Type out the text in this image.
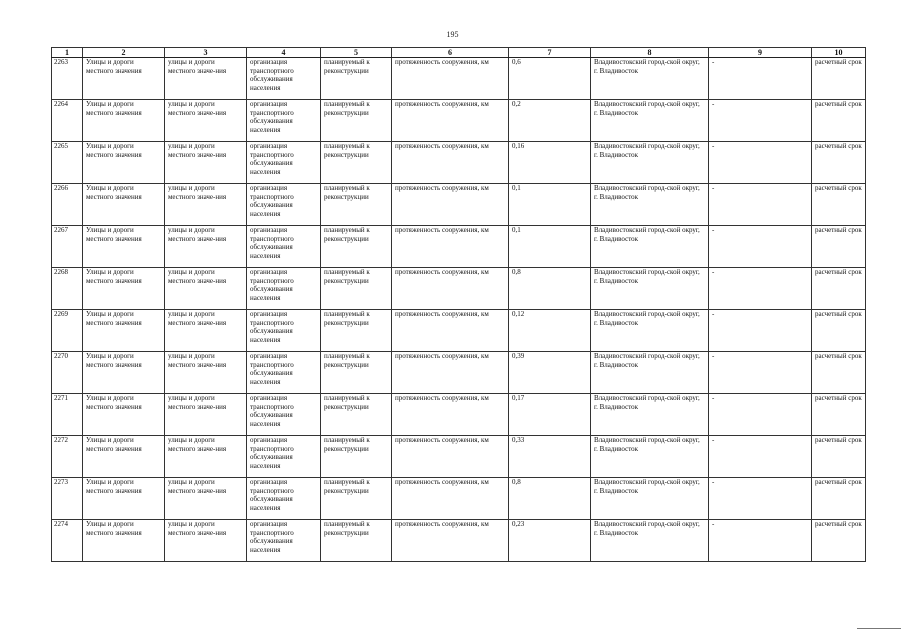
195
1	2	3	4	5	6	7	8	9	10
2263	Улицы и дороги местного значения	улицы и дороги местного значе-ния	организация транспортного обслуживания населения	планируемый к реконструкции	протяженность сооружения, км	0,6	Владивостокский город-ской округ, г. Владивосток	-	расчетный срок
2264	Улицы и дороги местного значения	улицы и дороги местного значе-ния	организация транспортного обслуживания населения	планируемый к реконструкции	протяженность сооружения, км	0,2	Владивостокский город-ской округ, г. Владивосток	-	расчетный срок
2265	Улицы и дороги местного значения	улицы и дороги местного значе-ния	организация транспортного обслуживания населения	планируемый к реконструкции	протяженность сооружения, км	0,16	Владивостокский город-ской округ, г. Владивосток	-	расчетный срок
2266	Улицы и дороги местного значения	улицы и дороги местного значе-ния	организация транспортного обслуживания населения	планируемый к реконструкции	протяженность сооружения, км	0,1	Владивостокский город-ской округ, г. Владивосток	-	расчетный срок
2267	Улицы и дороги местного значения	улицы и дороги местного значе-ния	организация транспортного обслуживания населения	планируемый к реконструкции	протяженность сооружения, км	0,1	Владивостокский город-ской округ, г. Владивосток	-	расчетный срок
2268	Улицы и дороги местного значения	улицы и дороги местного значе-ния	организация транспортного обслуживания населения	планируемый к реконструкции	протяженность сооружения, км	0,8	Владивостокский город-ской округ, г. Владивосток	-	расчетный срок
2269	Улицы и дороги местного значения	улицы и дороги местного значе-ния	организация транспортного обслуживания населения	планируемый к реконструкции	протяженность сооружения, км	0,12	Владивостокский город-ской округ, г. Владивосток	-	расчетный срок
2270	Улицы и дороги местного значения	улицы и дороги местного значе-ния	организация транспортного обслуживания населения	планируемый к реконструкции	протяженность сооружения, км	0,39	Владивостокский город-ской округ, г. Владивосток	-	расчетный срок
2271	Улицы и дороги местного значения	улицы и дороги местного значе-ния	организация транспортного обслуживания населения	планируемый к реконструкции	протяженность сооружения, км	0,17	Владивостокский город-ской округ, г. Владивосток	-	расчетный срок
2272	Улицы и дороги местного значения	улицы и дороги местного значе-ния	организация транспортного обслуживания населения	планируемый к реконструкции	протяженность сооружения, км	0,33	Владивостокский город-ской округ, г. Владивосток	-	расчетный срок
2273	Улицы и дороги местного значения	улицы и дороги местного значе-ния	организация транспортного обслуживания населения	планируемый к реконструкции	протяженность сооружения, км	0,8	Владивостокский город-ской округ, г. Владивосток	-	расчетный срок
2274	Улицы и дороги местного значения	улицы и дороги местного значе-ния	организация транспортного обслуживания населения	планируемый к реконструкции	протяженность сооружения, км	0,23	Владивостокский город-ской округ, г. Владивосток	-	расчетный срок
